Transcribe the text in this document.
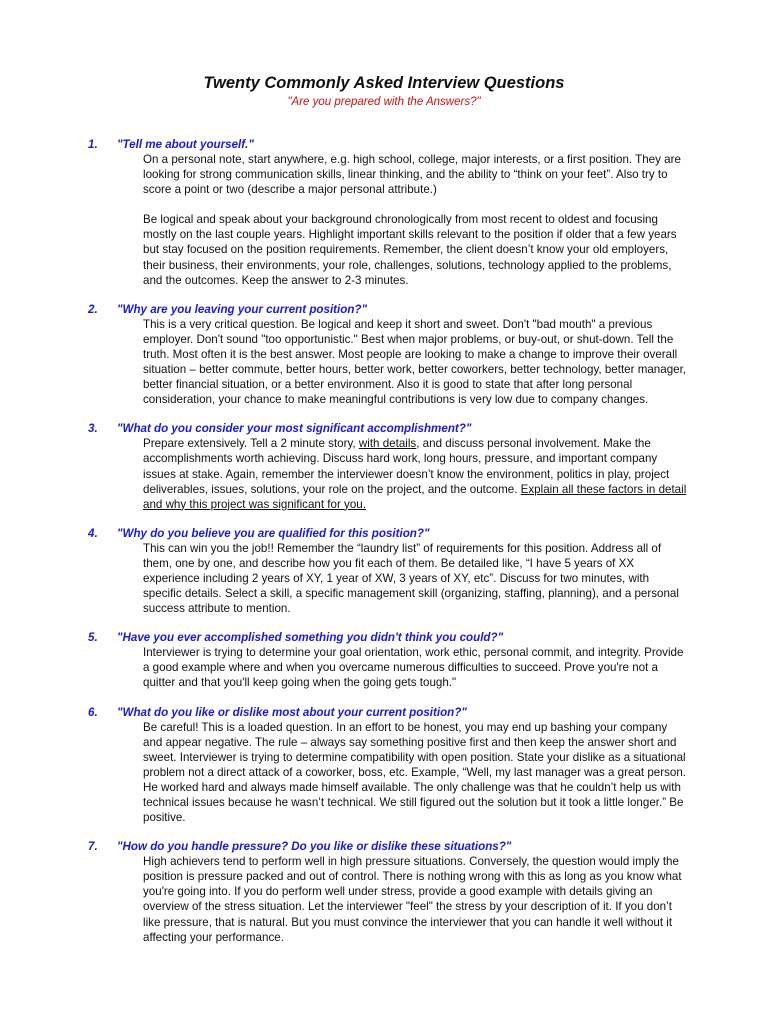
Twenty Commonly Asked Interview Questions

"Are you prepared with the Answers?"

1.	"Tell me about yourself."

On a personal note, start anywhere, e.g. high school, college, major interests, or a first position. They are looking for strong communication skills, linear thinking, and the ability to “think on your feet”. Also try to score a point or two (describe a major personal attribute.)

Be logical and speak about your background chronologically from most recent to oldest and focusing mostly on the last couple years. Highlight important skills relevant to the position if older that a few years but stay focused on the position requirements. Remember, the client doesn’t know your old employers, their business, their environments, your role, challenges, solutions, technology applied to the problems, and the outcomes. Keep the answer to 2-3 minutes.

2.	"Why are you leaving your current position?"

This is a very critical question. Be logical and keep it short and sweet. Don't "bad mouth" a previous employer. Don't sound "too opportunistic." Best when major problems, or buy-out, or shut-down. Tell the truth. Most often it is the best answer. Most people are looking to make a change to improve their overall situation – better commute, better hours, better work, better coworkers, better technology, better manager, better financial situation, or a better environment. Also it is good to state that after long personal consideration, your chance to make meaningful contributions is very low due to company changes.

3.	"What do you consider your most significant accomplishment?"

Prepare extensively. Tell a 2 minute story, with details, and discuss personal involvement. Make the accomplishments worth achieving. Discuss hard work, long hours, pressure, and important company issues at stake. Again, remember the interviewer doesn’t know the environment, politics in play, project deliverables, issues, solutions, your role on the project, and the outcome. Explain all these factors in detail and why this project was significant for you.

4.	"Why do you believe you are qualified for this position?"

This can win you the job!! Remember the “laundry list” of requirements for this position. Address all of them, one by one, and describe how you fit each of them. Be detailed like, “I have 5 years of XX experience including 2 years of XY, 1 year of XW, 3 years of XY, etc”. Discuss for two minutes, with specific details. Select a skill, a specific management skill (organizing, staffing, planning), and a personal success attribute to mention.

5.	"Have you ever accomplished something you didn't think you could?"

Interviewer is trying to determine your goal orientation, work ethic, personal commit, and integrity. Provide a good example where and when you overcame numerous difficulties to succeed. Prove you're not a quitter and that you'll keep going when the going gets tough."

6.	"What do you like or dislike most about your current position?"

Be careful! This is a loaded question. In an effort to be honest, you may end up bashing your company and appear negative. The rule – always say something positive first and then keep the answer short and sweet. Interviewer is trying to determine compatibility with open position. State your dislike as a situational problem not a direct attack of a coworker, boss, etc. Example, “Well, my last manager was a great person. He worked hard and always made himself available. The only challenge was that he couldn’t help us with technical issues because he wasn’t technical. We still figured out the solution but it took a little longer.” Be positive.

7.	"How do you handle pressure? Do you like or dislike these situations?"

High achievers tend to perform well in high pressure situations. Conversely, the question would imply the position is pressure packed and out of control. There is nothing wrong with this as long as you know what you're going into. If you do perform well under stress, provide a good example with details giving an overview of the stress situation. Let the interviewer "feel" the stress by your description of it. If you don’t like pressure, that is natural. But you must convince the interviewer that you can handle it well without it affecting your performance.
